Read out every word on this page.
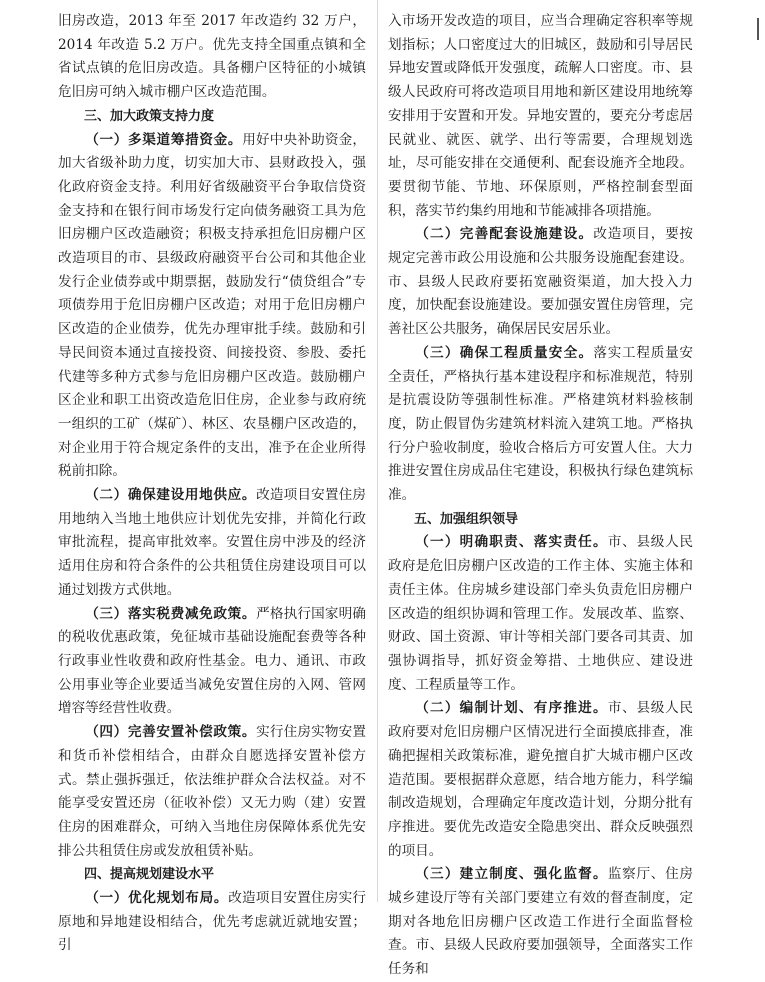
旧房改造，2013 年至 2017 年改造约 32 万户，2014 年改造 5.2 万户。优先支持全国重点镇和全省试点镇的危旧房改造。具备棚户区特征的小城镇危旧房可纳入城市棚户区改造范围。

三、加大政策支持力度

（一）多渠道筹措资金。用好中央补助资金，加大省级补助力度，切实加大市、县财政投入，强化政府资金支持。利用好省级融资平台争取信贷资金支持和在银行间市场发行定向债务融资工具为危旧房棚户区改造融资；积极支持承担危旧房棚户区改造项目的市、县级政府融资平台公司和其他企业发行企业债券或中期票据，鼓励发行“债贷组合”专项债券用于危旧房棚户区改造；对用于危旧房棚户区改造的企业债券，优先办理审批手续。鼓励和引导民间资本通过直接投资、间接投资、参股、委托代建等多种方式参与危旧房棚户区改造。鼓励棚户区企业和职工出资改造危旧住房，企业参与政府统一组织的工矿（煤矿）、林区、农垦棚户区改造的，对企业用于符合规定条件的支出，准予在企业所得税前扣除。

（二）确保建设用地供应。改造项目安置住房用地纳入当地土地供应计划优先安排，并简化行政审批流程，提高审批效率。安置住房中涉及的经济适用住房和符合条件的公共租赁住房建设项目可以通过划拨方式供地。

（三）落实税费减免政策。严格执行国家明确的税收优惠政策，免征城市基础设施配套费等各种行政事业性收费和政府性基金。电力、通讯、市政公用事业等企业要适当减免安置住房的入网、管网增容等经营性收费。

（四）完善安置补偿政策。实行住房实物安置和货币补偿相结合，由群众自愿选择安置补偿方式。禁止强拆强迁，依法维护群众合法权益。对不能享受安置还房（征收补偿）又无力购（建）安置住房的困难群众，可纳入当地住房保障体系优先安排公共租赁住房或发放租赁补贴。

四、提高规划建设水平

（一）优化规划布局。改造项目安置住房实行原地和异地建设相结合，优先考虑就近就地安置；引

入市场开发改造的项目，应当合理确定容积率等规划指标；人口密度过大的旧城区，鼓励和引导居民异地安置或降低开发强度，疏解人口密度。市、县级人民政府可将改造项目用地和新区建设用地统筹安排用于安置和开发。异地安置的，要充分考虑居民就业、就医、就学、出行等需要，合理规划选址，尽可能安排在交通便利、配套设施齐全地段。要贯彻节能、节地、环保原则，严格控制套型面积，落实节约集约用地和节能减排各项措施。

（二）完善配套设施建设。改造项目，要按规定完善市政公用设施和公共服务设施配套建设。市、县级人民政府要拓宽融资渠道，加大投入力度，加快配套设施建设。要加强安置住房管理，完善社区公共服务，确保居民安居乐业。

（三）确保工程质量安全。落实工程质量安全责任，严格执行基本建设程序和标准规范，特别是抗震设防等强制性标准。严格建筑材料验核制度，防止假冒伪劣建筑材料流入建筑工地。严格执行分户验收制度，验收合格后方可安置人住。大力推进安置住房成品住宅建设，积极执行绿色建筑标准。

五、加强组织领导

（一）明确职责、落实责任。市、县级人民政府是危旧房棚户区改造的工作主体、实施主体和责任主体。住房城乡建设部门牵头负责危旧房棚户区改造的组织协调和管理工作。发展改革、监察、财政、国土资源、审计等相关部门要各司其责、加强协调指导，抓好资金筹措、土地供应、建设进度、工程质量等工作。

（二）编制计划、有序推进。市、县级人民政府要对危旧房棚户区情况进行全面摸底排查，准确把握相关政策标准，避免擅自扩大城市棚户区改造范围。要根据群众意愿，结合地方能力，科学编制改造规划，合理确定年度改造计划，分期分批有序推进。要优先改造安全隐患突出、群众反映强烈的项目。

（三）建立制度、强化监督。监察厅、住房城乡建设厅等有关部门要建立有效的督查制度，定期对各地危旧房棚户区改造工作进行全面监督检查。市、县级人民政府要加强领导，全面落实工作任务和
